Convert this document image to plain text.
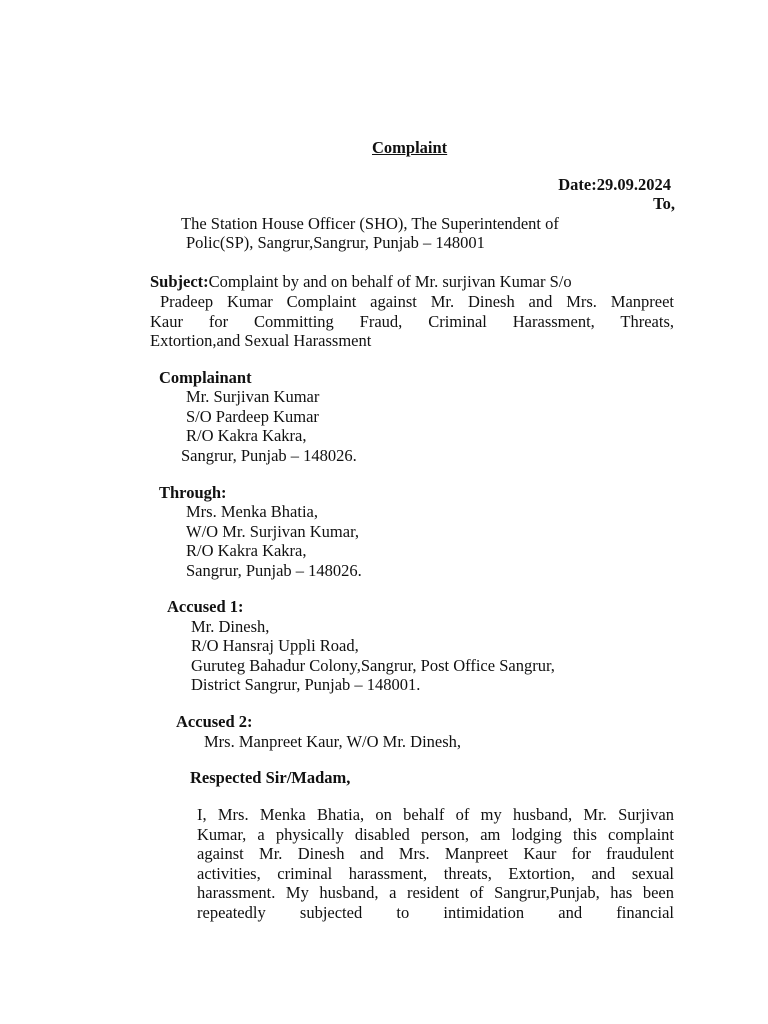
Complaint

Date:29.09.2024

To,

The Station House Officer (SHO), The Superintendent of

Polic(SP), Sangrur,Sangrur, Punjab – 148001

Subject:Complaint by and on behalf of Mr. surjivan Kumar S/o

Pradeep Kumar Complaint against Mr. Dinesh and Mrs. Manpreet

Kaur for Committing Fraud, Criminal Harassment, Threats,

Extortion,and Sexual Harassment

Complainant

Mr. Surjivan Kumar

S/O Pardeep Kumar

R/O Kakra Kakra,

Sangrur, Punjab – 148026.

Through:

Mrs. Menka Bhatia,

W/O Mr. Surjivan Kumar,

R/O Kakra Kakra,

Sangrur, Punjab – 148026.

Accused 1:

Mr. Dinesh,

R/O Hansraj Uppli Road,

Guruteg Bahadur Colony,Sangrur, Post Office Sangrur,

District Sangrur, Punjab – 148001.

Accused 2:

Mrs. Manpreet Kaur, W/O Mr. Dinesh,

Respected Sir/Madam,

I, Mrs. Menka Bhatia, on behalf of my husband, Mr. Surjivan

Kumar, a physically disabled person, am lodging this complaint

against Mr. Dinesh and Mrs. Manpreet Kaur for fraudulent

activities, criminal harassment, threats, Extortion, and sexual

harassment. My husband, a resident of Sangrur,Punjab, has been

repeatedly subjected to intimidation and financial
